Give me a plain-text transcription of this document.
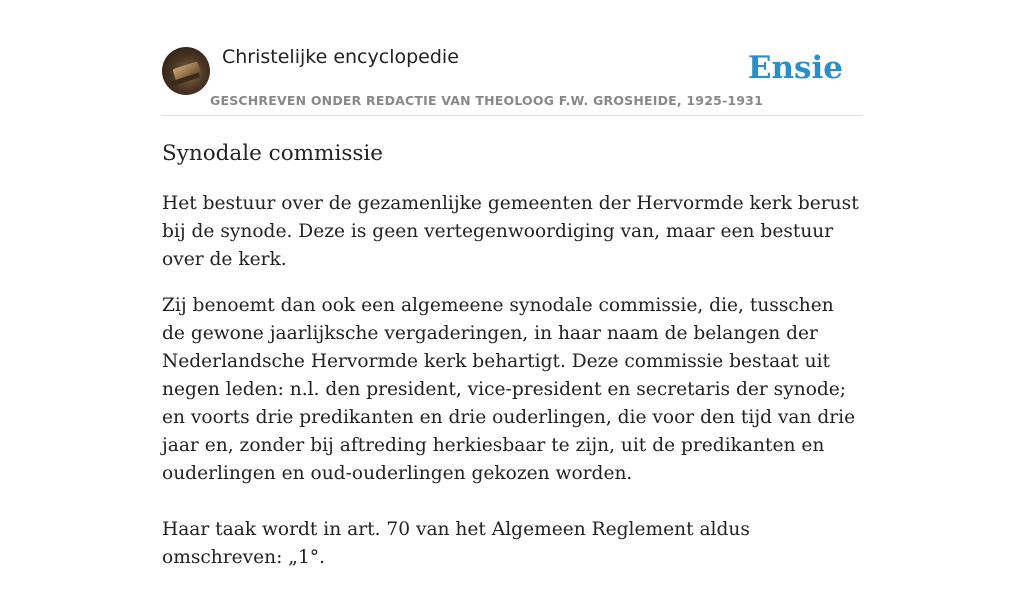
Christelijke encyclopedie
GESCHREVEN ONDER REDACTIE VAN THEOLOOG F.W. GROSHEIDE, 1925-1931
Ensie
Synodale commissie

Het bestuur over de gezamenlijke gemeenten der Hervormde kerk berust bij de synode. Deze is geen vertegenwoordiging van, maar een bestuur over de kerk.

Zij benoemt dan ook een algemeene synodale commissie, die, tusschen de gewone jaarlijksche vergaderingen, in haar naam de belangen der Nederlandsche Hervormde kerk behartigt. Deze commissie bestaat uit negen leden: n.l. den president, vice-president en secretaris der synode; en voorts drie predikanten en drie ouderlingen, die voor den tijd van drie jaar en, zonder bij aftreding herkiesbaar te zijn, uit de predikanten en ouderlingen en oud-ouderlingen gekozen worden.

Haar taak wordt in art. 70 van het Algemeen Reglement aldus omschreven: „1°.
